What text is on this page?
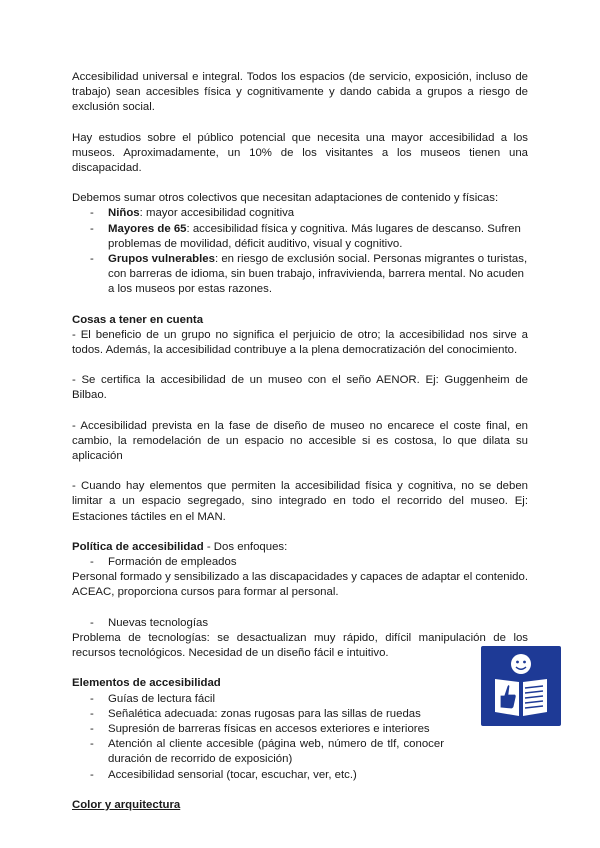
Accesibilidad universal e integral. Todos los espacios (de servicio, exposición, incluso de trabajo) sean accesibles física y cognitivamente y dando cabida a grupos a riesgo de exclusión social.

Hay estudios sobre el público potencial que necesita una mayor accesibilidad a los museos. Aproximadamente, un 10% de los visitantes a los museos tienen una discapacidad.

Debemos sumar otros colectivos que necesitan adaptaciones de contenido y físicas:

- Niños: mayor accesibilidad cognitiva
- Mayores de 65: accesibilidad física y cognitiva. Más lugares de descanso. Sufren problemas de movilidad, déficit auditivo, visual y cognitivo.
- Grupos vulnerables: en riesgo de exclusión social. Personas migrantes o turistas, con barreras de idioma, sin buen trabajo, infravivienda, barrera mental. No acuden a los museos por estas razones.

Cosas a tener en cuenta

- El beneficio de un grupo no significa el perjuicio de otro; la accesibilidad nos sirve a todos. Además, la accesibilidad contribuye a la plena democratización del conocimiento.

- Se certifica la accesibilidad de un museo con el seño AENOR. Ej: Guggenheim de Bilbao.

- Accesibilidad prevista en la fase de diseño de museo no encarece el coste final, en cambio, la remodelación de un espacio no accesible si es costosa, lo que dilata su aplicación

- Cuando hay elementos que permiten la accesibilidad física y cognitiva, no se deben limitar a un espacio segregado, sino integrado en todo el recorrido del museo. Ej: Estaciones táctiles en el MAN.

Política de accesibilidad - Dos enfoques:

- Formación de empleados

Personal formado y sensibilizado a las discapacidades y capaces de adaptar el contenido. ACEAC, proporciona cursos para formar al personal.

- Nuevas tecnologías

Problema de tecnologías: se desactualizan muy rápido, difícil manipulación de los recursos tecnológicos. Necesidad de un diseño fácil e intuitivo.

Elementos de accesibilidad

- Guías de lectura fácil
- Señalética adecuada: zonas rugosas para las sillas de ruedas
- Supresión de barreras físicas en accesos exteriores e interiores
- Atención al cliente accesible (página web, número de tlf, conocer duración de recorrido de exposición)
- Accesibilidad sensorial (tocar, escuchar, ver, etc.)

Color y arquitectura
